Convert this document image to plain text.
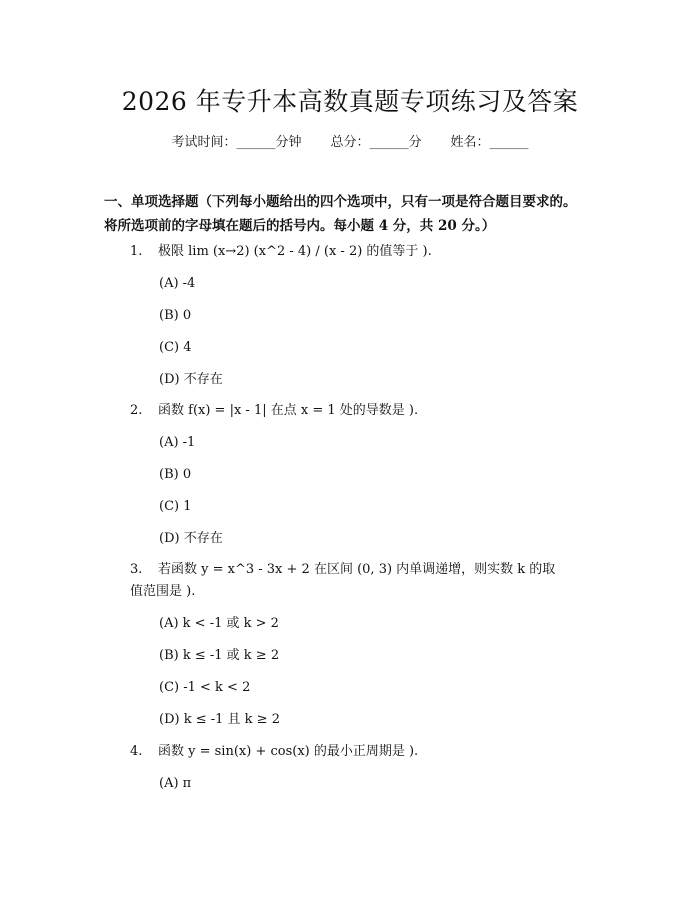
2026 年专升本高数真题专项练习及答案
考试时间：______分钟 总分：______分 姓名：______
一、单项选择题（下列每小题给出的四个选项中，只有一项是符合题目要求的。
将所选项前的字母填在题后的括号内。每小题 4 分，共 20 分。）
1. 极限 lim (x→2) (x^2 - 4) / (x - 2) 的值等于 ).
(A) -4
(B) 0
(C) 4
(D) 不存在
2. 函数 f(x) = |x - 1| 在点 x = 1 处的导数是 ).
(A) -1
(B) 0
(C) 1
(D) 不存在
3. 若函数 y = x^3 - 3x + 2 在区间 (0, 3) 内单调递增，则实数 k 的取
值范围是 ).
(A) k < -1 或 k > 2
(B) k ≤ -1 或 k ≥ 2
(C) -1 < k < 2
(D) k ≤ -1 且 k ≥ 2
4. 函数 y = sin(x) + cos(x) 的最小正周期是 ).
(A) π
